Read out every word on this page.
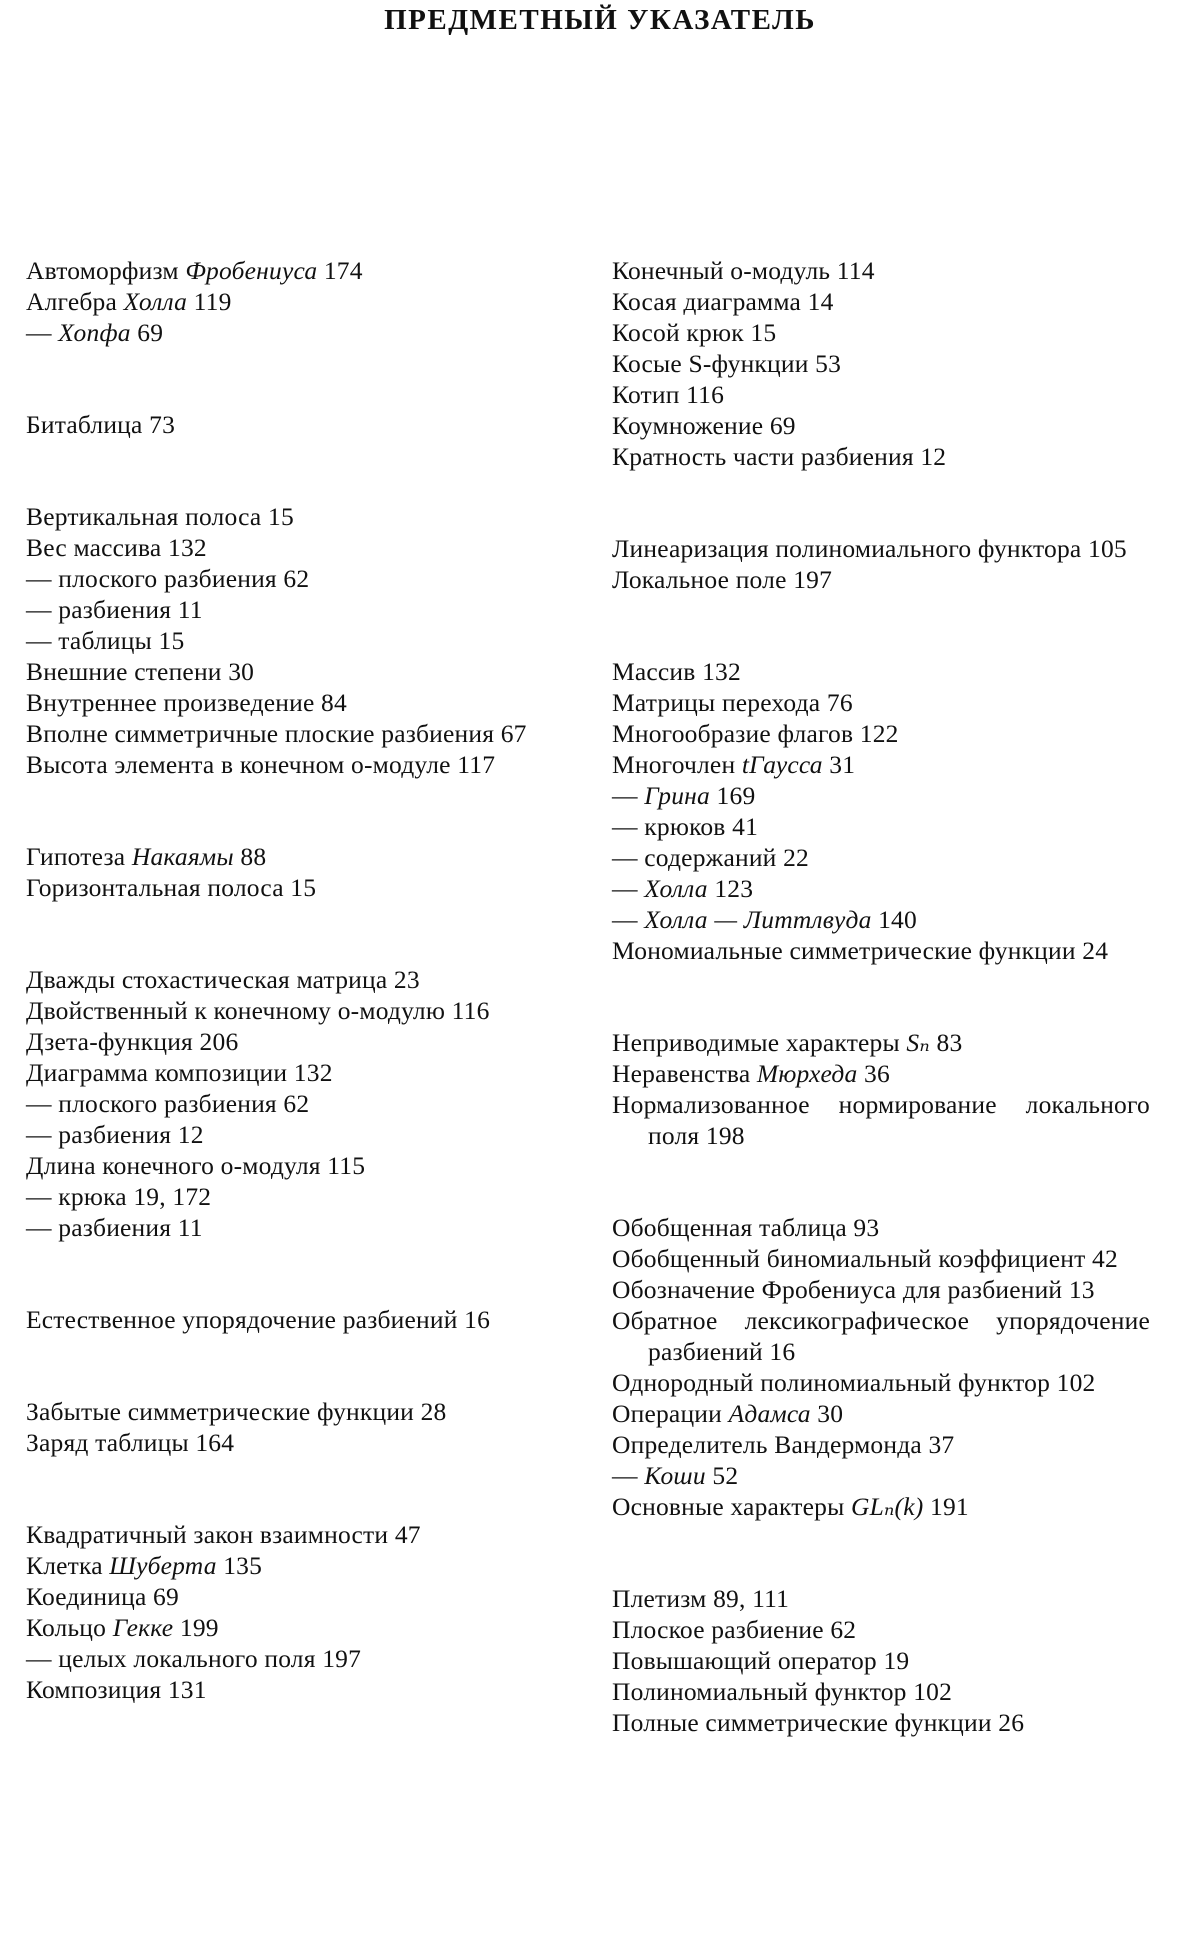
ПРЕДМЕТНЫЙ УКАЗАТЕЛЬ
Автоморфизм Фробениуса 174
Алгебра Холла 119
— Хопфа 69
Битаблица 73
Вертикальная полоса 15
Вес массива 132
— плоского разбиения 62
— разбиения 11
— таблицы 15
Внешние степени 30
Внутреннее произведение 84
Вполне симметричные плоские разбиения 67
Высота элемента в конечном о-модуле 117
Гипотеза Накаямы 88
Горизонтальная полоса 15
Дважды стохастическая матрица 23
Двойственный к конечному о-модулю 116
Дзета-функция 206
Диаграмма композиции 132
— плоского разбиения 62
— разбиения 12
Длина конечного о-модуля 115
— крюка 19, 172
— разбиения 11
Естественное упорядочение разбиений 16
Забытые симметрические функции 28
Заряд таблицы 164
Квадратичный закон взаимности 47
Клетка Шуберта 135
Коединица 69
Кольцо Гекке 199
— целых локального поля 197
Композиция 131
Конечный о-модуль 114
Косая диаграмма 14
Косой крюк 15
Косые S-функции 53
Котип 116
Коумножение 69
Кратность части разбиения 12
Линеаризация полиномиального функтора 105
Локальное поле 197
Массив 132
Матрицы перехода 76
Многообразие флагов 122
Многочлен tГаусса 31
— Грина 169
— крюков 41
— содержаний 22
— Холла 123
— Холла — Литтлвуда 140
Мономиальные симметрические функции 24
Неприводимые характеры Sₙ 83
Неравенства Мюрхеда 36
Нормализованное нормирование локального поля 198
Обобщенная таблица 93
Обобщенный биномиальный коэффициент 42
Обозначение Фробениуса для разбиений 13
Обратное лексикографическое упорядочение разбиений 16
Однородный полиномиальный функтор 102
Операции Адамса 30
Определитель Вандермонда 37
— Коши 52
Основные характеры GLₙ(k) 191
Плетизм 89, 111
Плоское разбиение 62
Повышающий оператор 19
Полиномиальный функтор 102
Полные симметрические функции 26
